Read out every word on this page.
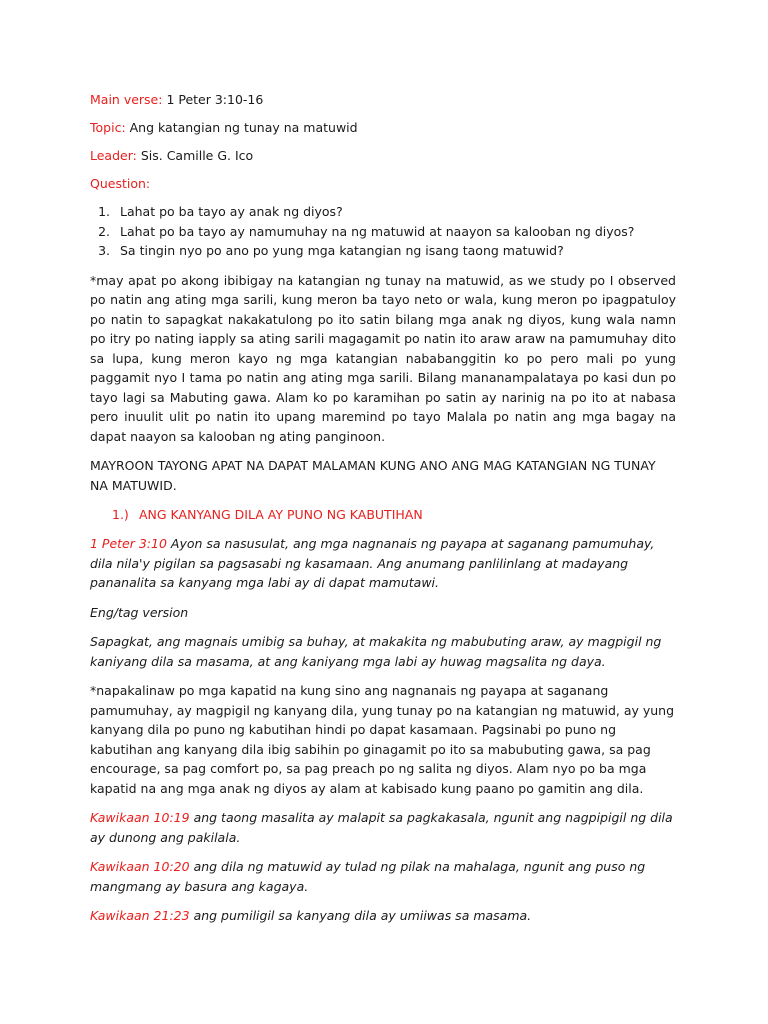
Main verse: 1 Peter 3:10-16

Topic: Ang katangian ng tunay na matuwid

Leader: Sis. Camille G. Ico

Question:

1. Lahat po ba tayo ay anak ng diyos?
2. Lahat po ba tayo ay namumuhay na ng matuwid at naayon sa kalooban ng diyos?
3. Sa tingin nyo po ano po yung mga katangian ng isang taong matuwid?

*may apat po akong ibibigay na katangian ng tunay na matuwid, as we study po I observed po natin ang ating mga sarili, kung meron ba tayo neto or wala, kung meron po ipagpatuloy po natin to sapagkat nakakatulong po ito satin bilang mga anak ng diyos, kung wala namn po itry po nating iapply sa ating sarili magagamit po natin ito araw araw na pamumuhay dito sa lupa, kung meron kayo ng mga katangian nababanggitin ko po pero mali po yung paggamit nyo I tama po natin ang ating mga sarili. Bilang mananampalataya po kasi dun po tayo lagi sa Mabuting gawa. Alam ko po karamihan po satin ay narinig na po ito at nabasa pero inuulit ulit po natin ito upang maremind po tayo Malala po natin ang mga bagay na dapat naayon sa kalooban ng ating panginoon.

MAYROON TAYONG APAT NA DAPAT MALAMAN KUNG ANO ANG MAG KATANGIAN NG TUNAY NA MATUWID.

1.) ANG KANYANG DILA AY PUNO NG KABUTIHAN

1 Peter 3:10 Ayon sa nasusulat, ang mga nagnanais ng payapa at saganang pamumuhay, dila nila'y pigilan sa pagsasabi ng kasamaan. Ang anumang panlilinlang at madayang pananalita sa kanyang mga labi ay di dapat mamutawi.

Eng/tag version

Sapagkat, ang magnais umibig sa buhay, at makakita ng mabubuting araw, ay magpigil ng kaniyang dila sa masama, at ang kaniyang mga labi ay huwag magsalita ng daya.

*napakalinaw po mga kapatid na kung sino ang nagnanais ng payapa at saganang pamumuhay, ay magpigil ng kanyang dila, yung tunay po na katangian ng matuwid, ay yung kanyang dila po puno ng kabutihan hindi po dapat kasamaan. Pagsinabi po puno ng kabutihan ang kanyang dila ibig sabihin po ginagamit po ito sa mabubuting gawa, sa pag encourage, sa pag comfort po, sa pag preach po ng salita ng diyos. Alam nyo po ba mga kapatid na ang mga anak ng diyos ay alam at kabisado kung paano po gamitin ang dila.

Kawikaan 10:19 ang taong masalita ay malapit sa pagkakasala, ngunit ang nagpipigil ng dila ay dunong ang pakilala.

Kawikaan 10:20 ang dila ng matuwid ay tulad ng pilak na mahalaga, ngunit ang puso ng mangmang ay basura ang kagaya.

Kawikaan 21:23 ang pumiligil sa kanyang dila ay umiiwas sa masama.
